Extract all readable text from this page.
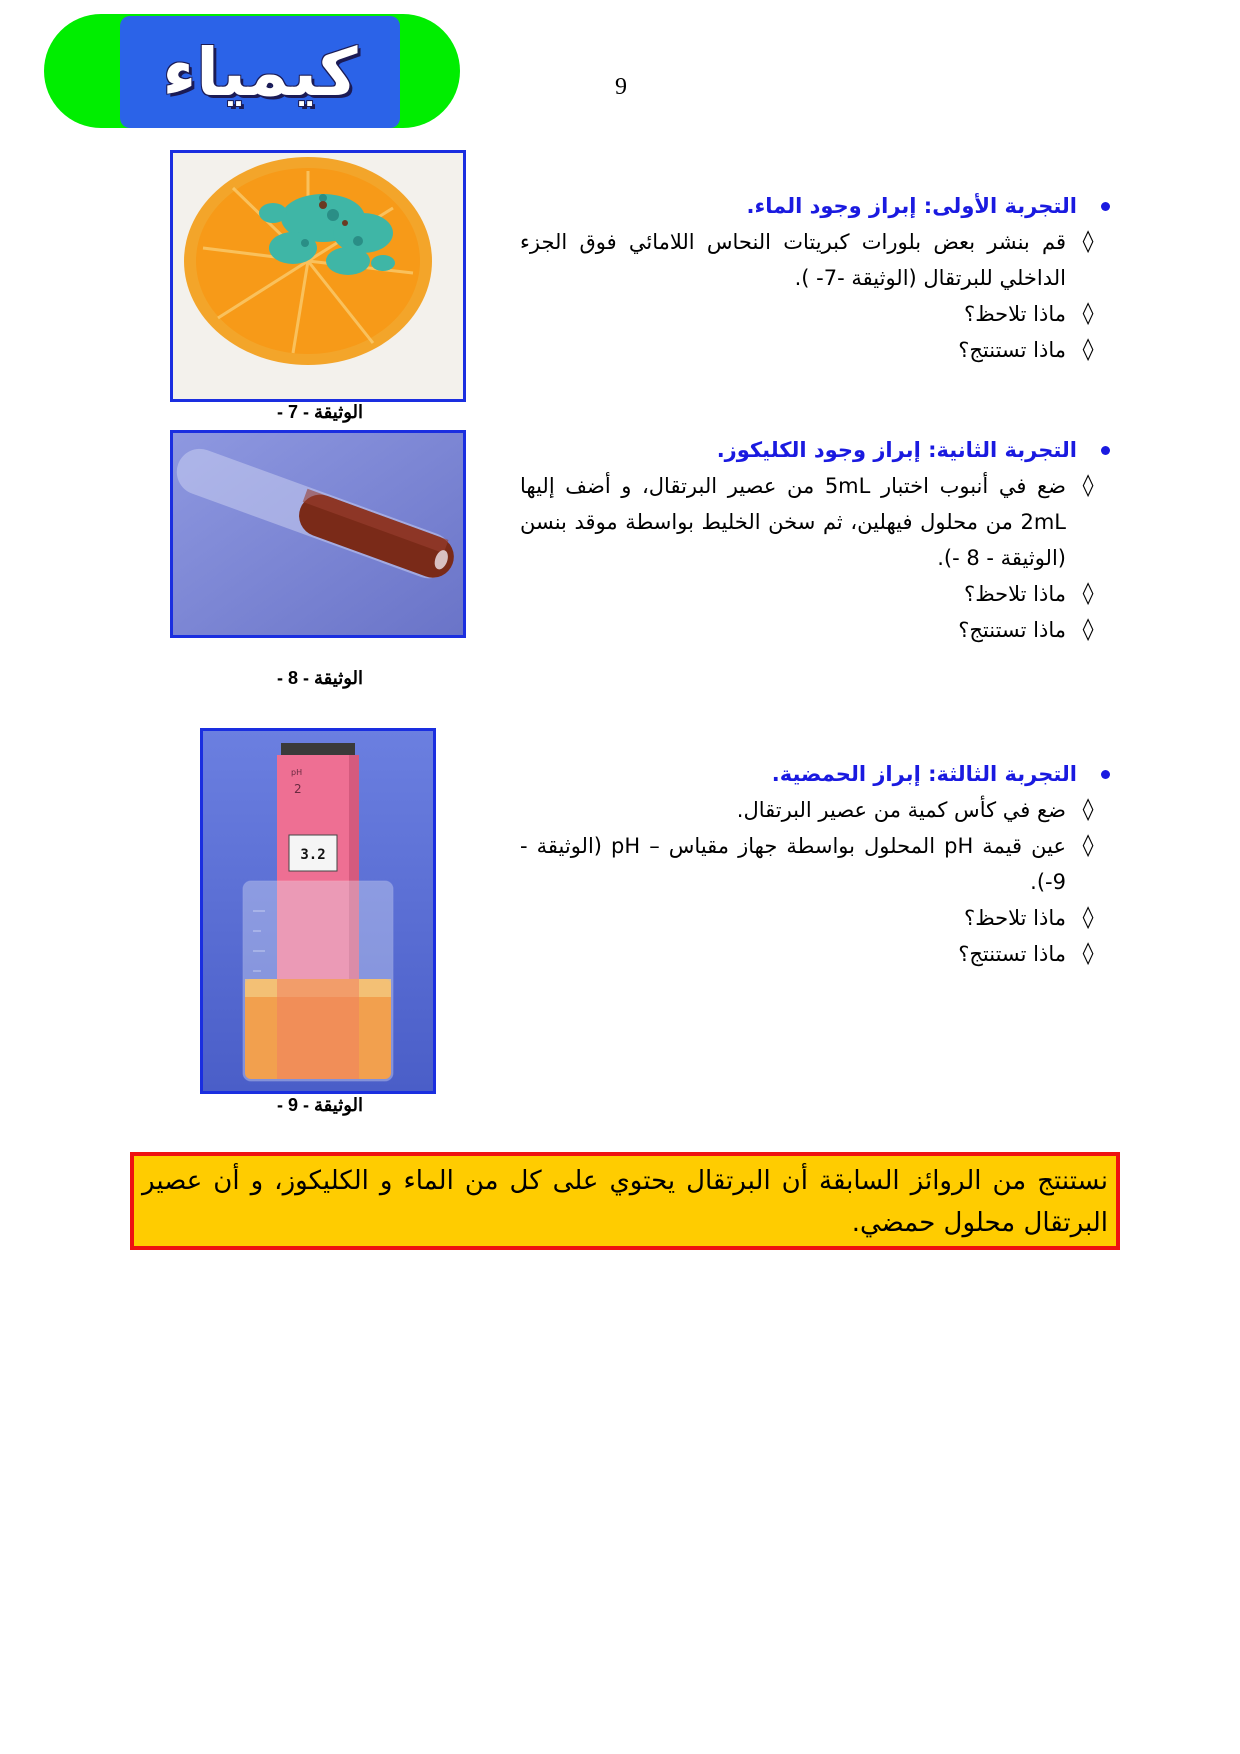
كيمياء	9
الوثيقة - 7 -
التجربة الأولى: إبراز وجود الماء.
◊
قم بنشر بعض بلورات كبريتات النحاس اللامائي فوق الجزء الداخلي للبرتقال (الوثيقة -7- ).
◊
ماذا تلاحظ؟
◊
ماذا تستنتج؟
الوثيقة - 8 -
التجربة الثانية: إبراز وجود الكليكوز.
◊
ضع في أنبوب اختبار 5mL من عصير البرتقال، و أضف إليها 2mL من محلول فيهلين، ثم سخن الخليط بواسطة موقد بنسن (الوثيقة - 8 -).
◊
ماذا تلاحظ؟
◊
ماذا تستنتج؟
pH
2
3.2
الوثيقة - 9 -
التجربة الثالثة: إبراز الحمضية.
◊
ضع في كأس كمية من عصير البرتقال.
◊
عين قيمة pH المحلول بواسطة جهاز مقياس – pH (الوثيقة - 9-).
◊
ماذا تلاحظ؟
◊
ماذا تستنتج؟
نستنتج من الروائز السابقة أن البرتقال يحتوي على كل من الماء و الكليكوز، و أن عصير البرتقال محلول حمضي.
